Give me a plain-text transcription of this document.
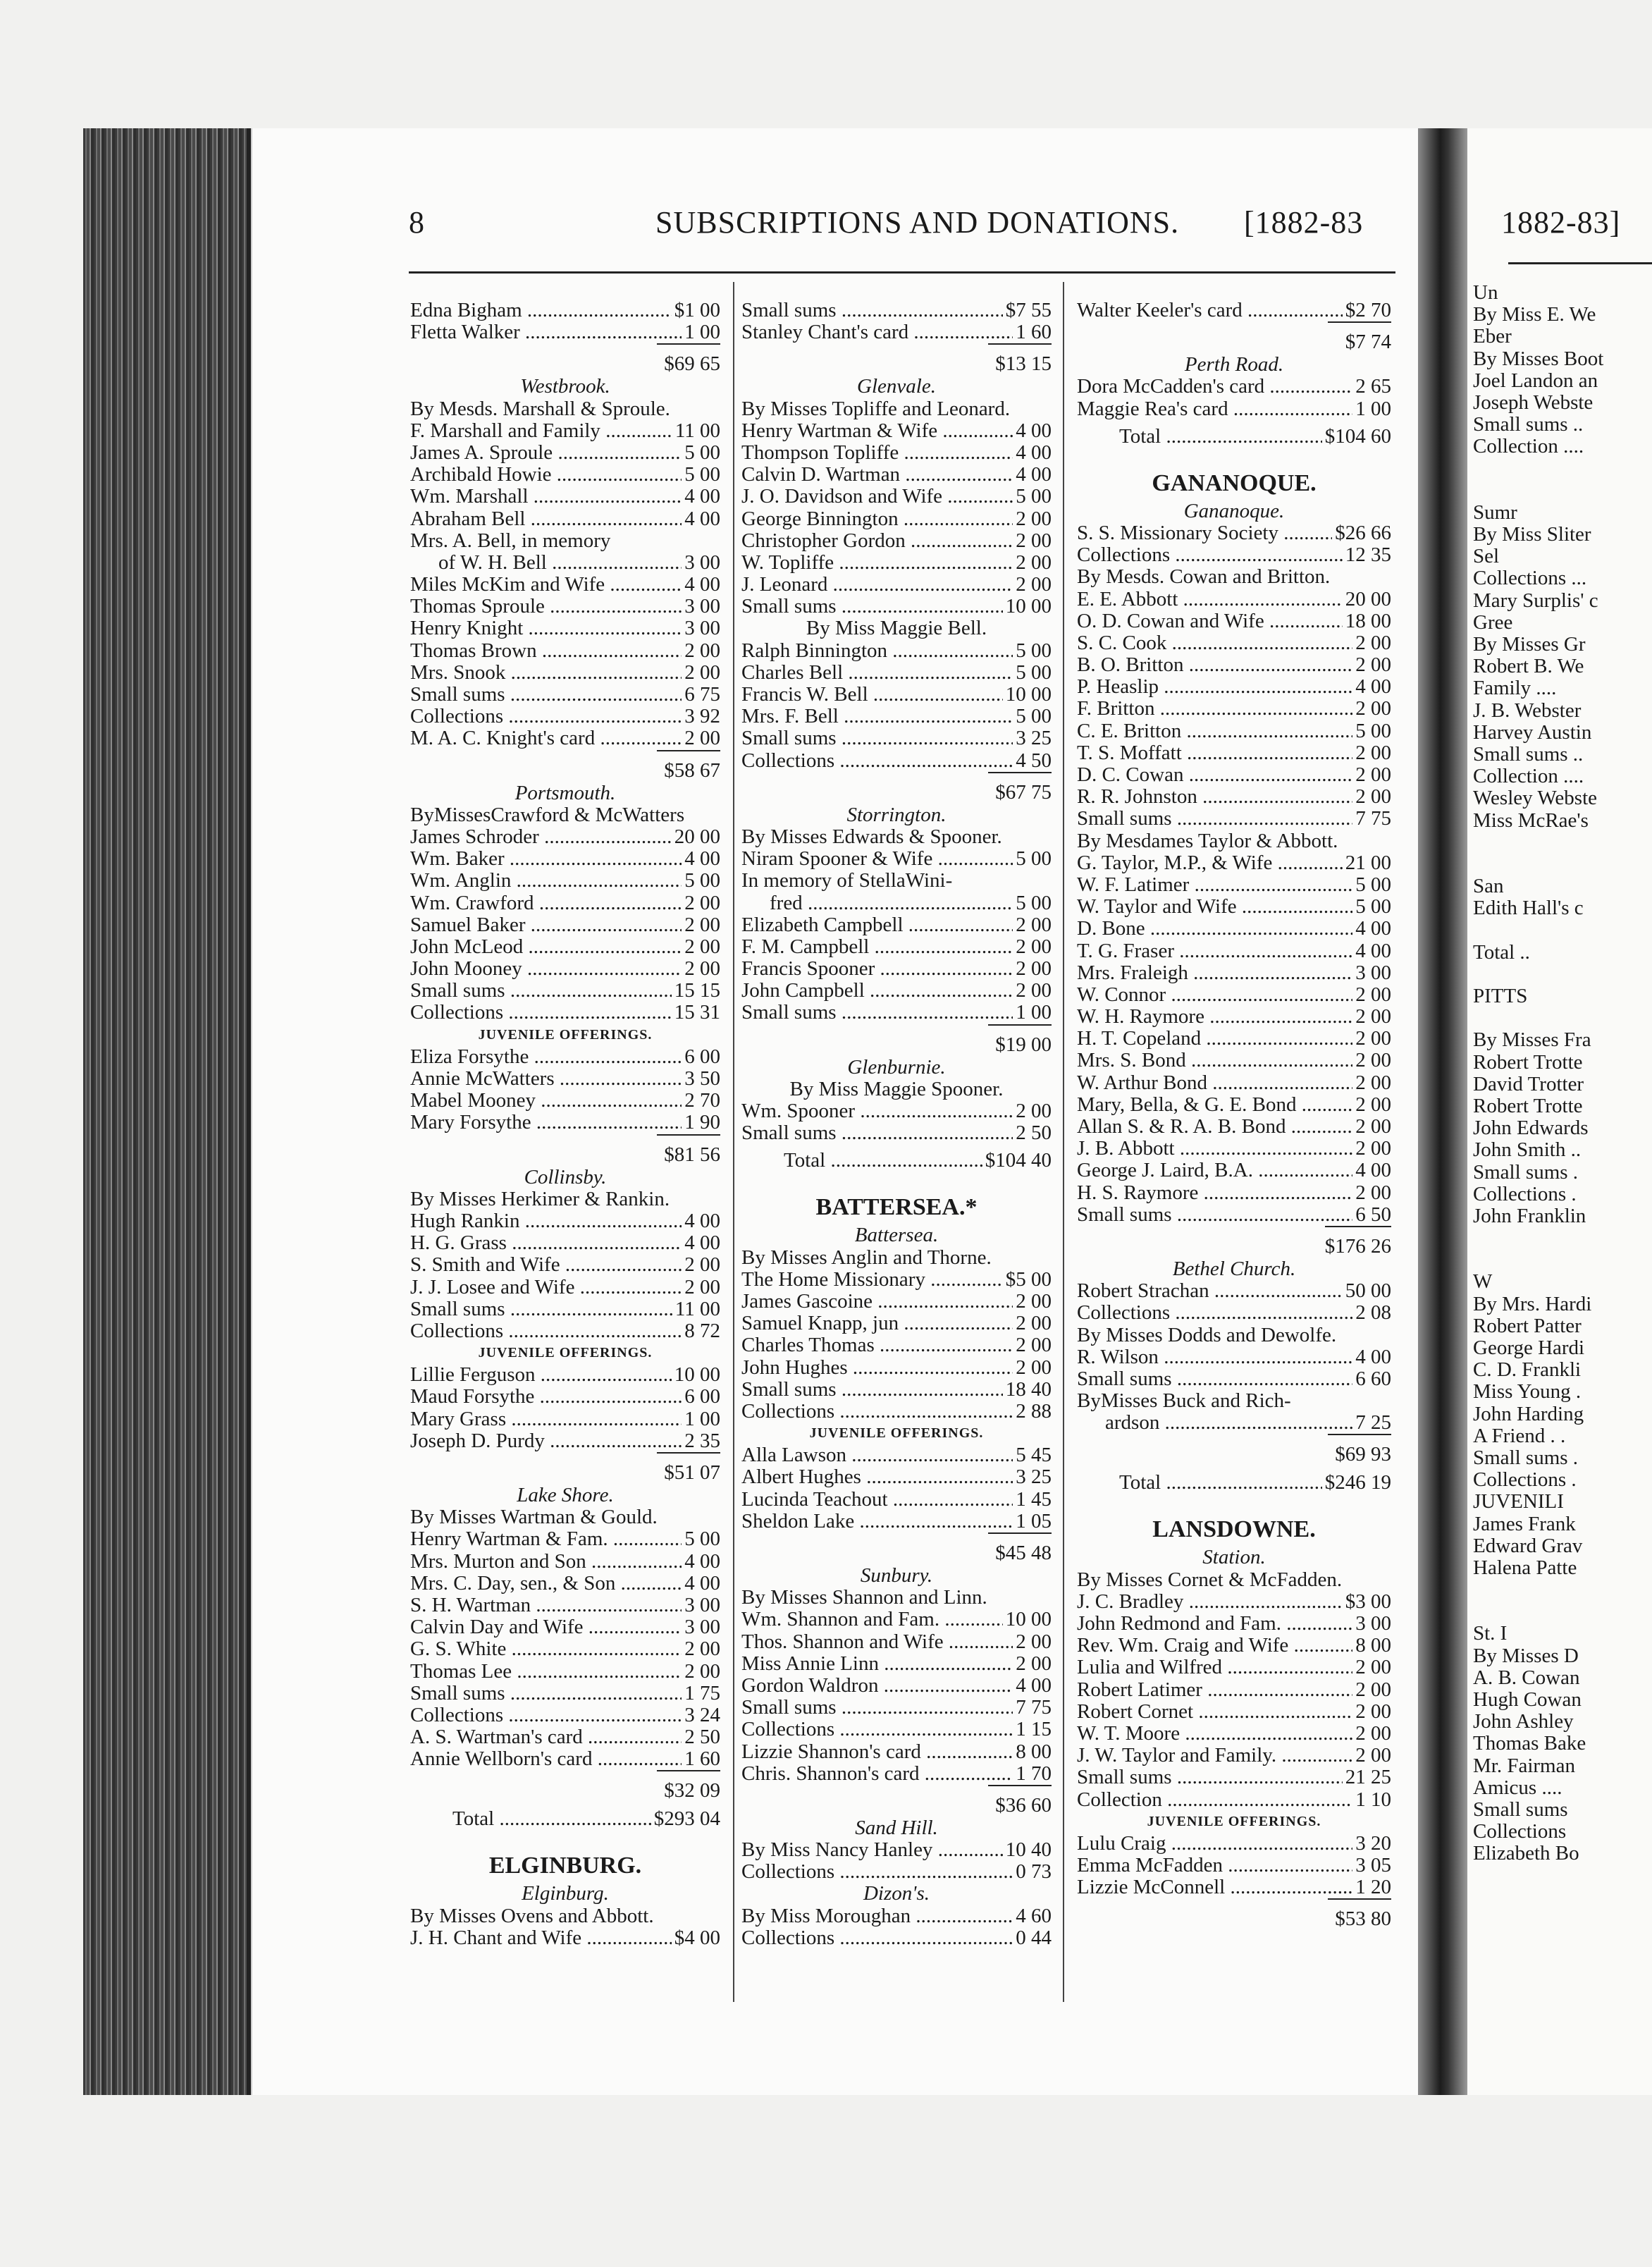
8	SUBSCRIPTIONS AND DONATIONS. [1882-83	1882-83]
Edna Bigham .....	$1 00
Fletta Walker .....	1 00
$69 65
Westbrook.
By Mesds. Marshall & Sproule.
F. Marshall and Family .....	11 00
James A. Sproule .....	5 00
Archibald Howie .....	5 00
Wm. Marshall .....	4 00
Abraham Bell .....	4 00
Mrs. A. Bell, in memory
of W. H. Bell .....	3 00
Miles McKim and Wife .....	4 00
Thomas Sproule .....	3 00
Henry Knight .....	3 00
Thomas Brown .....	2 00
Mrs. Snook .....	2 00
Small sums .....	6 75
Collections .....	3 92
M. A. C. Knight's card .....	2 00
$58 67
Portsmouth.
ByMissesCrawford & McWatters
James Schroder .....	20 00
Wm. Baker .....	4 00
Wm. Anglin .....	5 00
Wm. Crawford .....	2 00
Samuel Baker .....	2 00
John McLeod .....	2 00
John Mooney .....	2 00
Small sums .....	15 15
Collections .....	15 31
JUVENILE OFFERINGS.
Eliza Forsythe .....	6 00
Annie McWatters .....	3 50
Mabel Mooney .....	2 70
Mary Forsythe .....	1 90
$81 56
Collinsby.
By Misses Herkimer & Rankin.
Hugh Rankin .....	4 00
H. G. Grass .....	4 00
S. Smith and Wife .....	2 00
J. J. Losee and Wife .....	2 00
Small sums .....	11 00
Collections .....	8 72
JUVENILE OFFERINGS.
Lillie Ferguson .....	10 00
Maud Forsythe .....	6 00
Mary Grass .....	1 00
Joseph D. Purdy .....	2 35
$51 07
Lake Shore.
By Misses Wartman & Gould.
Henry Wartman & Fam. .....	5 00
Mrs. Murton and Son .....	4 00
Mrs. C. Day, sen., & Son .....	4 00
S. H. Wartman .....	3 00
Calvin Day and Wife .....	3 00
G. S. White .....	2 00
Thomas Lee .....	2 00
Small sums .....	1 75
Collections .....	3 24
A. S. Wartman's card .....	2 50
Annie Wellborn's card .....	1 60
$32 09
Total .....	$293 04
ELGINBURG.
Elginburg.
By Misses Ovens and Abbott.
J. H. Chant and Wife .....	$4 00
Small sums .....	$7 55
Stanley Chant's card .....	1 60
$13 15
Glenvale.
By Misses Topliffe and Leonard.
Henry Wartman & Wife .....	4 00
Thompson Topliffe .....	4 00
Calvin D. Wartman .....	4 00
J. O. Davidson and Wife .....	5 00
George Binnington .....	2 00
Christopher Gordon .....	2 00
W. Topliffe .....	2 00
J. Leonard .....	2 00
Small sums .....	10 00
By Miss Maggie Bell.
Ralph Binnington .....	5 00
Charles Bell .....	5 00
Francis W. Bell .....	10 00
Mrs. F. Bell .....	5 00
Small sums .....	3 25
Collections .....	4 50
$67 75
Storrington.
By Misses Edwards & Spooner.
Niram Spooner & Wife .....	5 00
In memory of StellaWini-
fred .....	5 00
Elizabeth Campbell .....	2 00
F. M. Campbell .....	2 00
Francis Spooner .....	2 00
John Campbell .....	2 00
Small sums .....	1 00
$19 00
Glenburnie.
By Miss Maggie Spooner.
Wm. Spooner .....	2 00
Small sums .....	2 50
Total .....	$104 40
BATTERSEA.*
Battersea.
By Misses Anglin and Thorne.
The Home Missionary .....	$5 00
James Gascoine .....	2 00
Samuel Knapp, jun .....	2 00
Charles Thomas .....	2 00
John Hughes .....	2 00
Small sums .....	18 40
Collections .....	2 88
JUVENILE OFFERINGS.
Alla Lawson .....	5 45
Albert Hughes .....	3 25
Lucinda Teachout .....	1 45
Sheldon Lake .....	1 05
$45 48
Sunbury.
By Misses Shannon and Linn.
Wm. Shannon and Fam. .....	10 00
Thos. Shannon and Wife .....	2 00
Miss Annie Linn .....	2 00
Gordon Waldron .....	4 00
Small sums .....	7 75
Collections .....	1 15
Lizzie Shannon's card .....	8 00
Chris. Shannon's card .....	1 70
$36 60
Sand Hill.
By Miss Nancy Hanley .....	10 40
Collections .....	0 73
Dizon's.
By Miss Moroughan .....	4 60
Collections .....	0 44
Walter Keeler's card .....	$2 70
$7 74
Perth Road.
Dora McCadden's card .....	2 65
Maggie Rea's card .....	1 00
Total .....	$104 60
GANANOQUE.
Gananoque.
S. S. Missionary Society .....	$26 66
Collections .....	12 35
By Mesds. Cowan and Britton.
E. E. Abbott .....	20 00
O. D. Cowan and Wife .....	18 00
S. C. Cook .....	2 00
B. O. Britton .....	2 00
P. Heaslip .....	4 00
F. Britton .....	2 00
C. E. Britton .....	5 00
T. S. Moffatt .....	2 00
D. C. Cowan .....	2 00
R. R. Johnston .....	2 00
Small sums .....	7 75
By Mesdames Taylor & Abbott.
G. Taylor, M.P., & Wife .....	21 00
W. F. Latimer .....	5 00
W. Taylor and Wife .....	5 00
D. Bone .....	4 00
T. G. Fraser .....	4 00
Mrs. Fraleigh .....	3 00
W. Connor .....	2 00
W. H. Raymore .....	2 00
H. T. Copeland .....	2 00
Mrs. S. Bond .....	2 00
W. Arthur Bond .....	2 00
Mary, Bella, & G. E. Bond .....	2 00
Allan S. & R. A. B. Bond .....	2 00
J. B. Abbott .....	2 00
George J. Laird, B.A. .....	4 00
H. S. Raymore .....	2 00
Small sums .....	6 50
$176 26
Bethel Church.
Robert Strachan .....	50 00
Collections .....	2 08
By Misses Dodds and Dewolfe.
R. Wilson .....	4 00
Small sums .....	6 60
ByMisses Buck and Rich-
ardson .....	7 25
$69 93
Total .....	$246 19
LANSDOWNE.
Station.
By Misses Cornet & McFadden.
J. C. Bradley .....	$3 00
John Redmond and Fam. .....	3 00
Rev. Wm. Craig and Wife .....	8 00
Lulia and Wilfred .....	2 00
Robert Latimer .....	2 00
Robert Cornet .....	2 00
W. T. Moore .....	2 00
J. W. Taylor and Family. .....	2 00
Small sums .....	21 25
Collection .....	1 10
JUVENILE OFFERINGS.
Lulu Craig .....	3 20
Emma McFadden .....	3 05
Lizzie McConnell .....	1 20
$53 80
Un
By Miss E. We
Eber
By Misses Boot
Joel Landon an
Joseph Webste
Small sums ..
Collection ....
Sumr
By Miss Sliter
Sel
Collections ...
Mary Surplis' c
Gree
By Misses Gr
Robert B. We
Family ....
J. B. Webster
Harvey Austin
Small sums ..
Collection ....
Wesley Webste
Miss McRae's
San
Edith Hall's c
Total ..
PITTS
By Misses Fra
Robert Trotte
David Trotter
Robert Trotte
John Edwards
John Smith ..
Small sums .
Collections .
John Franklin
W
By Mrs. Hardi
Robert Patter
George Hardi
C. D. Frankli
Miss Young .
John Harding
A Friend . .
Small sums .
Collections .
JUVENILI
James Frank
Edward Grav
Halena Patte
St. I
By Misses D
A. B. Cowan
Hugh Cowan
John Ashley
Thomas Bake
Mr. Fairman
Amicus ....
Small sums
Collections
Elizabeth Bo
